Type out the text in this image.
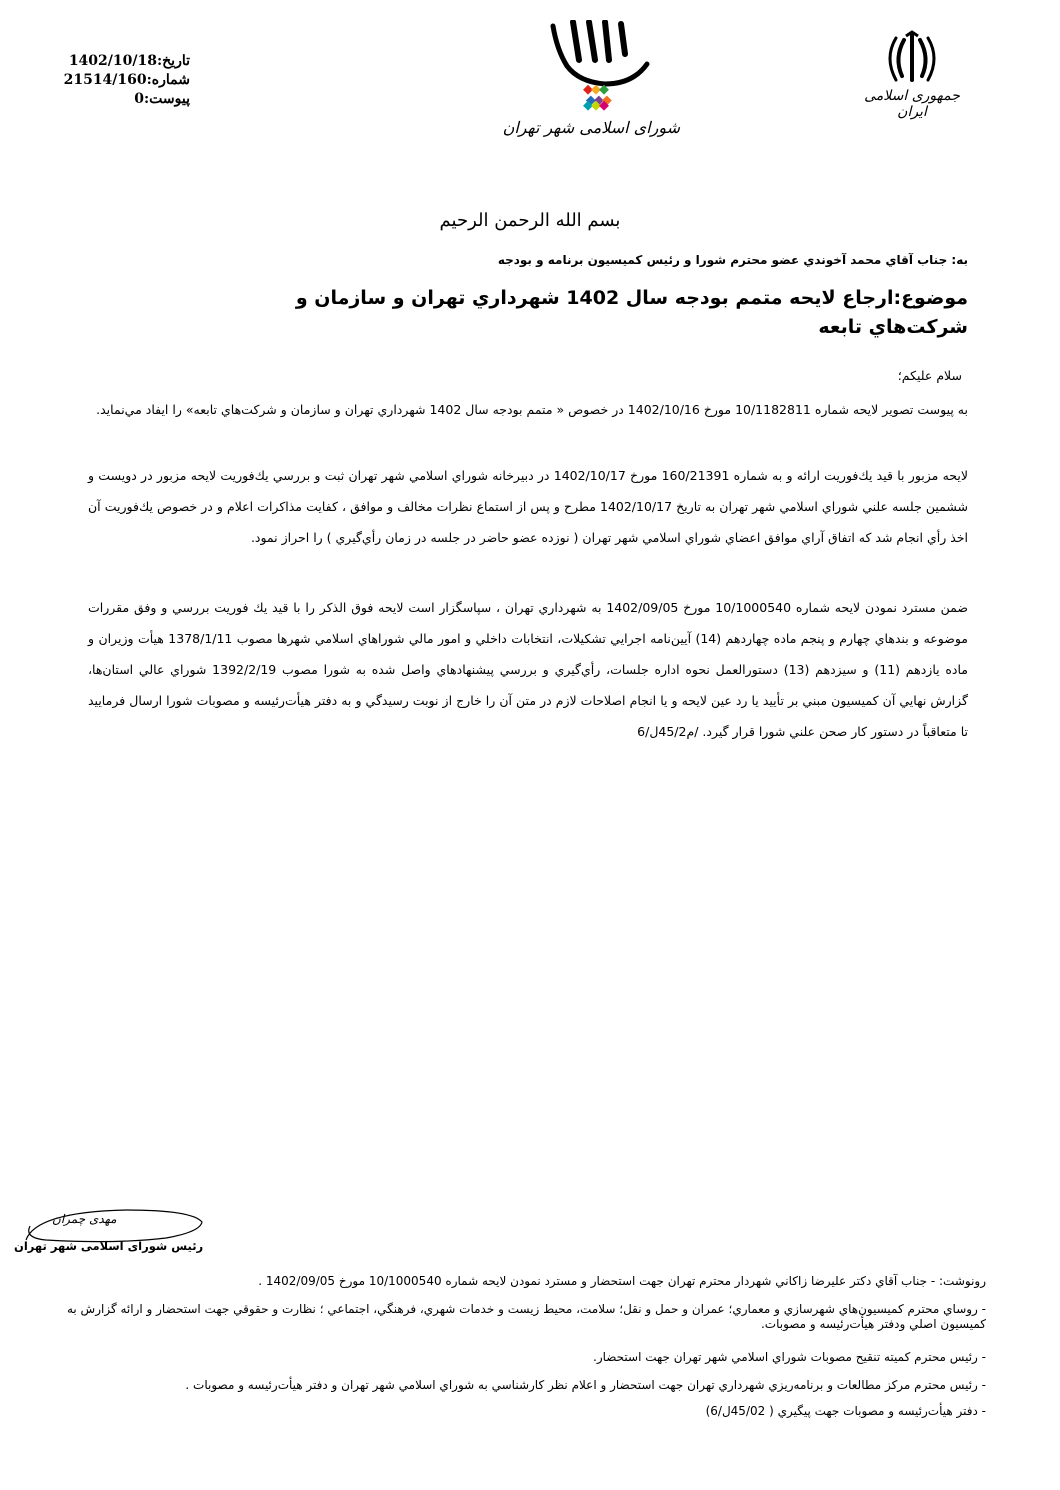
تاریخ:1402/10/18
شماره:21514/160
پیوست:0
شورای اسلامی شهر تهران
جمهوری اسلامی ایران
بسم الله الرحمن الرحيم
به: جناب آقاي محمد آخوندي عضو محترم شورا و رئيس كميسيون برنامه و بودجه
موضوع:ارجاع لايحه متمم بودجه سال 1402 شهرداري تهران و سازمان و شركت‌هاي تابعه
سلام عليكم؛
به پيوست تصوير لايحه شماره 10/1182811 مورخ 1402/10/16 در خصوص « متمم بودجه سال 1402 شهرداري تهران و سازمان و شركت‌هاي تابعه» را ايفاد مي‌نمايد.
لايحه مزبور با قيد يك‌فوريت ارائه و به شماره 160/21391 مورخ 1402/10/17 در دبيرخانه شوراي اسلامي شهر تهران ثبت و بررسي يك‌فوريت لايحه مزبور در دويست و ششمين جلسه علني شوراي اسلامي شهر تهران به تاريخ 1402/10/17 مطرح و پس از استماع نظرات مخالف و موافق ، كفايت مذاكرات اعلام و در خصوص يك‌فوريت آن اخذ رأي انجام شد كه اتفاق آراي موافق اعضاي شوراي اسلامي شهر تهران ( نوزده عضو حاضر در جلسه در زمان رأي‌گيري ) را احراز نمود.
ضمن مسترد نمودن لايحه شماره 10/1000540 مورخ 1402/09/05 به شهرداري تهران ، سپاسگزار است لايحه فوق الذكر را با قيد يك فوريت بررسي و وفق مقررات موضوعه و بندهاي چهارم و پنجم ماده چهاردهم (14) آيين‌نامه اجرايي تشكيلات، انتخابات داخلي و امور مالي شوراهاي اسلامي شهرها مصوب 1378/1/11 هيأت وزيران و ماده يازدهم (11) و سيزدهم (13) دستورالعمل نحوه اداره جلسات، رأي‌گيري و بررسي پيشنهادهاي واصل شده به شورا مصوب 1392/2/19 شوراي عالي استان‌ها، گزارش نهايي آن كميسيون مبني بر تأييد يا رد عين لايحه و يا انجام اصلاحات لازم در متن آن را خارج از نوبت رسيدگي و به دفتر هيأت‌رئيسه و مصوبات شورا ارسال فرماييد تا متعاقباً در دستور كار صحن علني شورا قرار گيرد. /م45/2ل/6
مهدی چمران
رئیس شورای اسلامی شهر تهران
رونوشت: - جناب آقاي دكتر عليرضا زاكاني شهردار محترم تهران جهت استحضار و مسترد نمودن لايحه شماره 10/1000540 مورخ 1402/09/05 .
- روساي محترم كميسيون‌هاي شهرسازي و معماري؛ عمران و حمل و نقل؛ سلامت، محيط زيست و خدمات شهري، فرهنگي، اجتماعي ؛ نظارت و حقوقي جهت استحضار و ارائه گزارش به كميسيون اصلي ودفتر هيأت‌رئيسه و مصوبات.
- رئيس محترم كميته تنقيح مصوبات شوراي اسلامي شهر تهران جهت استحضار.
- رئيس محترم مركز مطالعات و برنامه‌ريزي شهرداري تهران جهت استحضار و اعلام نظر كارشناسي به شوراي اسلامي شهر تهران و دفتر هيأت‌رئيسه و مصوبات .
- دفتر هيأت‌رئيسه و مصوبات جهت پيگيري ( 45/02ل/6)
